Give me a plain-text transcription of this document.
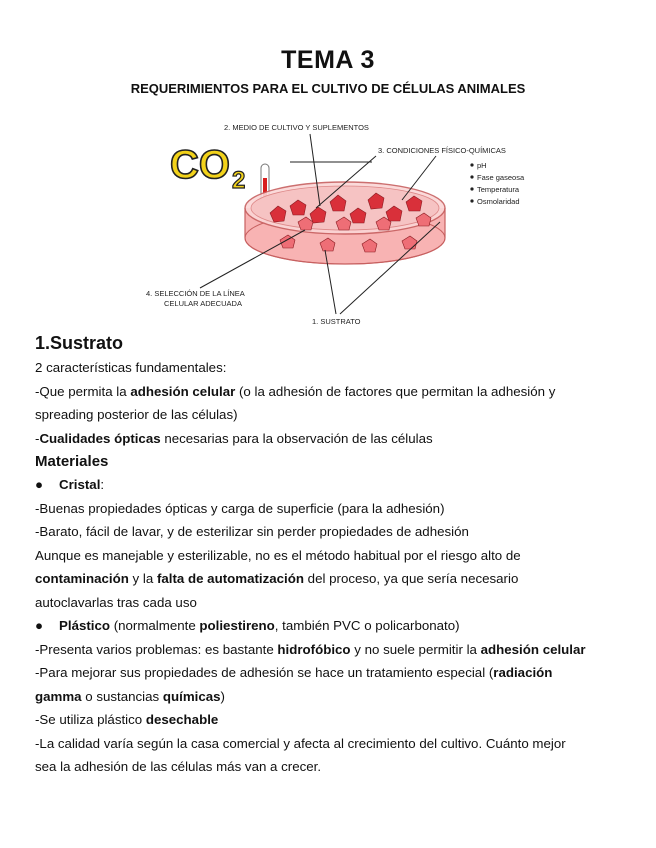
TEMA 3
REQUERIMIENTOS PARA EL CULTIVO DE CÉLULAS ANIMALES
CO 2
2. MEDIO DE CULTIVO Y SUPLEMENTOS
3. CONDICIONES FÍSICO-QUÍMICAS
pH
Fase gaseosa
Temperatura
Osmolaridad
4. SELECCIÓN DE LA LÍNEA
CELULAR ADECUADA
1. SUSTRATO

1.Sustrato

2 características fundamentales:

-Que permita la adhesión celular (o la adhesión de factores que permitan la adhesión y

spreading posterior de las células)

-Cualidades ópticas necesarias para la observación de las células

Materiales

●	Cristal:

-Buenas propiedades ópticas y carga de superficie (para la adhesión)

-Barato, fácil de lavar, y de esterilizar sin perder propiedades de adhesión

Aunque es manejable y esterilizable, no es el método habitual por el riesgo alto de

contaminación y la falta de automatización del proceso, ya que sería necesario

autoclavarlas tras cada uso

●	Plástico (normalmente poliestireno, también PVC o policarbonato)

-Presenta varios problemas: es bastante hidrofóbico y no suele permitir la adhesión celular

-Para mejorar sus propiedades de adhesión se hace un tratamiento especial (radiación

gamma o sustancias químicas)

-Se utiliza plástico desechable

-La calidad varía según la casa comercial y afecta al crecimiento del cultivo. Cuánto mejor

sea la adhesión de las células más van a crecer.
